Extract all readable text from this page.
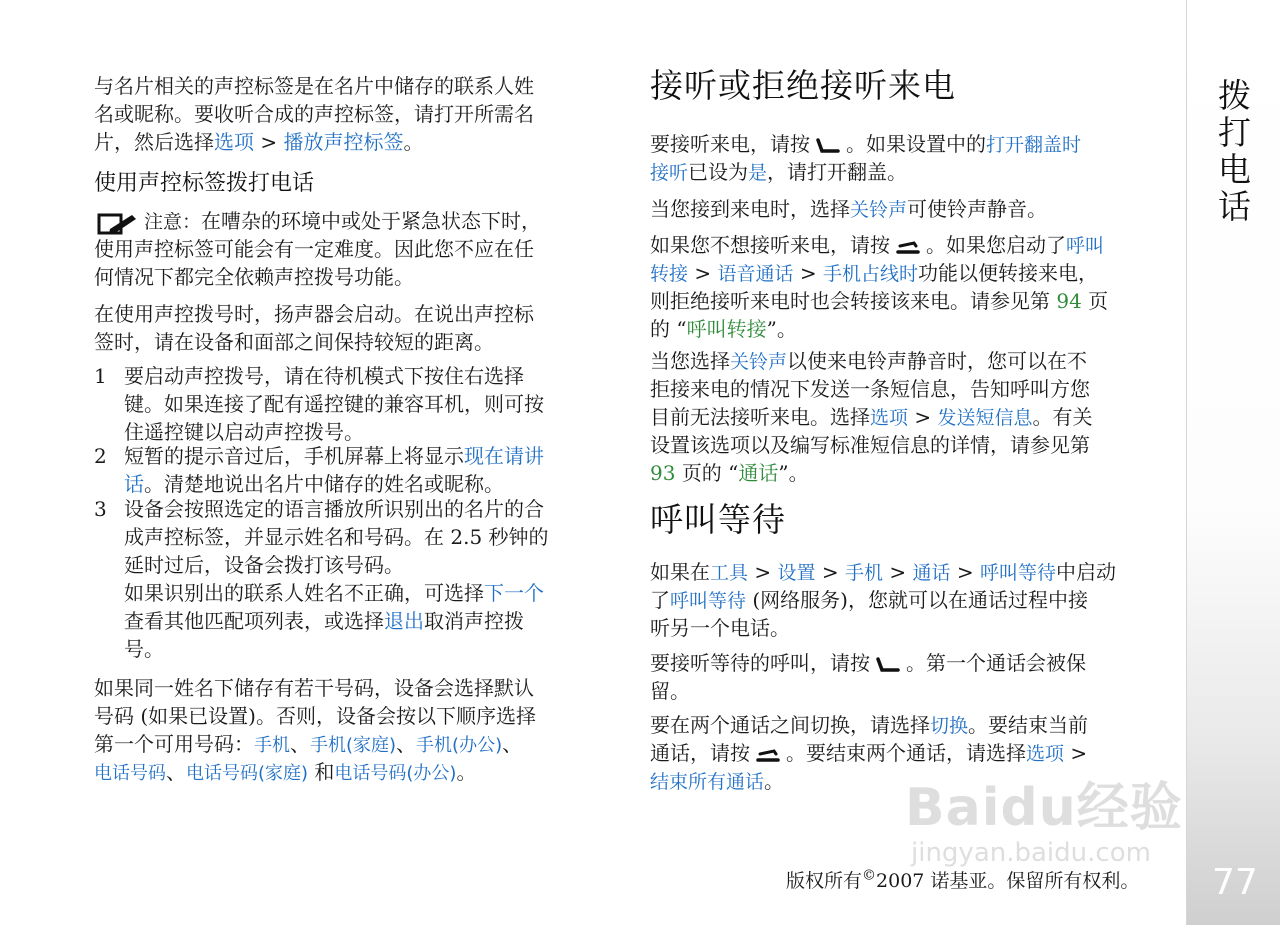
与名片相关的声控标签是在名片中储存的联系人姓
名或昵称。要收听合成的声控标签，请打开所需名
片，然后选择选项 > 播放声控标签。
使用声控标签拨打电话
注意：在嘈杂的环境中或处于紧急状态下时，
使用声控标签可能会有一定难度。因此您不应在任
何情况下都完全依赖声控拨号功能。
在使用声控拨号时，扬声器会启动。在说出声控标
签时，请在设备和面部之间保持较短的距离。
1 要启动声控拨号，请在待机模式下按住右选择
键。如果连接了配有遥控键的兼容耳机，则可按
住遥控键以启动声控拨号。
2 短暂的提示音过后，手机屏幕上将显示现在请讲
话。清楚地说出名片中储存的姓名或昵称。
3 设备会按照选定的语言播放所识别出的名片的合
成声控标签，并显示姓名和号码。在 2.5 秒钟的
延时过后，设备会拨打该号码。
如果识别出的联系人姓名不正确，可选择下一个
查看其他匹配项列表，或选择退出取消声控拨
号。
如果同一姓名下储存有若干号码，设备会选择默认
号码 (如果已设置)。否则，设备会按以下顺序选择
第一个可用号码：手机、手机(家庭)、手机(办公)、
电话号码、电话号码(家庭) 和电话号码(办公)。
接听或拒绝接听来电
要接听来电，请按 。如果设置中的打开翻盖时
接听已设为是，请打开翻盖。
当您接到来电时，选择关铃声可使铃声静音。
如果您不想接听来电，请按 。如果您启动了呼叫
转接 > 语音通话 > 手机占线时功能以便转接来电，
则拒绝接听来电时也会转接该来电。请参见第 94 页
的 “呼叫转接”。
当您选择关铃声以使来电铃声静音时，您可以在不
拒接来电的情况下发送一条短信息，告知呼叫方您
目前无法接听来电。选择选项 > 发送短信息。有关
设置该选项以及编写标准短信息的详情，请参见第
93 页的 “通话”。
呼叫等待
如果在工具 > 设置 > 手机 > 通话 > 呼叫等待中启动
了呼叫等待 (网络服务)，您就可以在通话过程中接
听另一个电话。
要接听等待的呼叫，请按 。第一个通话会被保
留。
要在两个通话之间切换，请选择切换。要结束当前
通话，请按 。要结束两个通话，请选择选项 >
结束所有通话。 Baidu经验
jingyan.baidu.com
版权所有©2007 诺基亚。保留所有权利。
拨打电话
77
